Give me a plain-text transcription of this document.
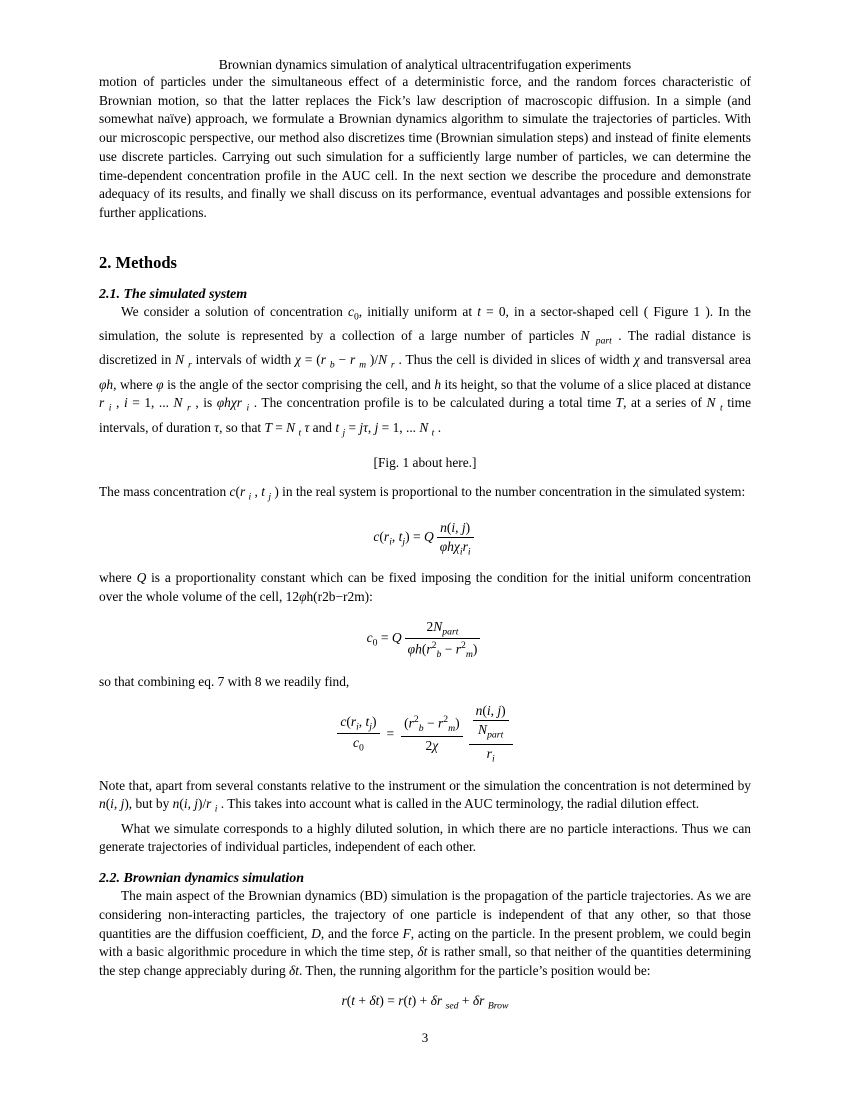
Brownian dynamics simulation of analytical ultracentrifugation experiments

motion of particles under the simultaneous effect of a deterministic force, and the random forces characteristic of Brownian motion, so that the latter replaces the Fick’s law description of macroscopic diffusion. In a simple (and somewhat naïve) approach, we formulate a Brownian dynamics algorithm to simulate the trajectories of particles. With our microscopic perspective, our method also discretizes time (Brownian simulation steps) and instead of finite elements use discrete particles. Carrying out such simulation for a sufficiently large number of particles, we can determine the time-dependent concentration profile in the AUC cell. In the next section we describe the procedure and demonstrate adequacy of its results, and finally we shall discuss on its performance, eventual advantages and possible extensions for further applications.

2. Methods
2.1. The simulated system

We consider a solution of concentration $c_0$, initially uniform at t = 0, in a sector-shaped cell ( Figure 1 ). In the simulation, the solute is represented by a collection of a large number of particles N $_{part}$ . The radial distance is discretized in N $_r$ intervals of width χ = (r $_b$ − r $_m$ )/N $_r$ . Thus the cell is divided in slices of width χ and transversal area φh, where φ is the angle of the sector comprising the cell, and h its height, so that the volume of a slice placed at distance r $_i$ , i = 1, ... N $_r$ , is φhχr $_i$ . The concentration profile is to be calculated during a total time T, at a series of N $_t$ time intervals, of duration τ, so that T = N $_t$ τ and t $_j$ = jτ, j = 1, ... N $_t$ .

[Fig. 1 about here.]

The mass concentration c(r $_i$ , t $_j$ ) in the real system is proportional to the number concentration in the simulated system:

$c(r_i$, $t_j) = Q \frac{n(i, j)}{\varphi h\chi_ir_i}$

where Q is a proportionality constant which can be fixed imposing the condition for the initial uniform concentration over the whole volume of the cell, 12φh(r2b−r2m):

$c_0 = Q \frac{2N_{part}}{\varphi h(r^2_b - r^2_m)}$

so that combining eq. 7 with 8 we readily find,

$\frac{c(r_i, t_j)}{c_0} = \frac{(r^2_b - r^2_m)}{2\chi} \frac{\frac{n(i, j)}{N_{part}}}{r_i}$

Note that, apart from several constants relative to the instrument or the simulation the concentration is not determined by n(i, j), but by n(i, j)/r $_i$ . This takes into account what is called in the AUC terminology, the radial dilution effect.

What we simulate corresponds to a highly diluted solution, in which there are no particle interactions. Thus we can generate trajectories of individual particles, independent of each other.

2.2. Brownian dynamics simulation

The main aspect of the Brownian dynamics (BD) simulation is the propagation of the particle trajectories. As we are considering non-interacting particles, the trajectory of one particle is independent of that any other, so that those quantities are the diffusion coefficient, D, and the force F, acting on the particle. In the present problem, we could begin with a basic algorithmic procedure in which the time step, δt is rather small, so that neither of the quantities determining the step change appreciably during δt. Then, the running algorithm for the particle’s position would be:

r(t + δt) = r(t) + δr $_{sed}$ + δr $_{Brow}$
3
